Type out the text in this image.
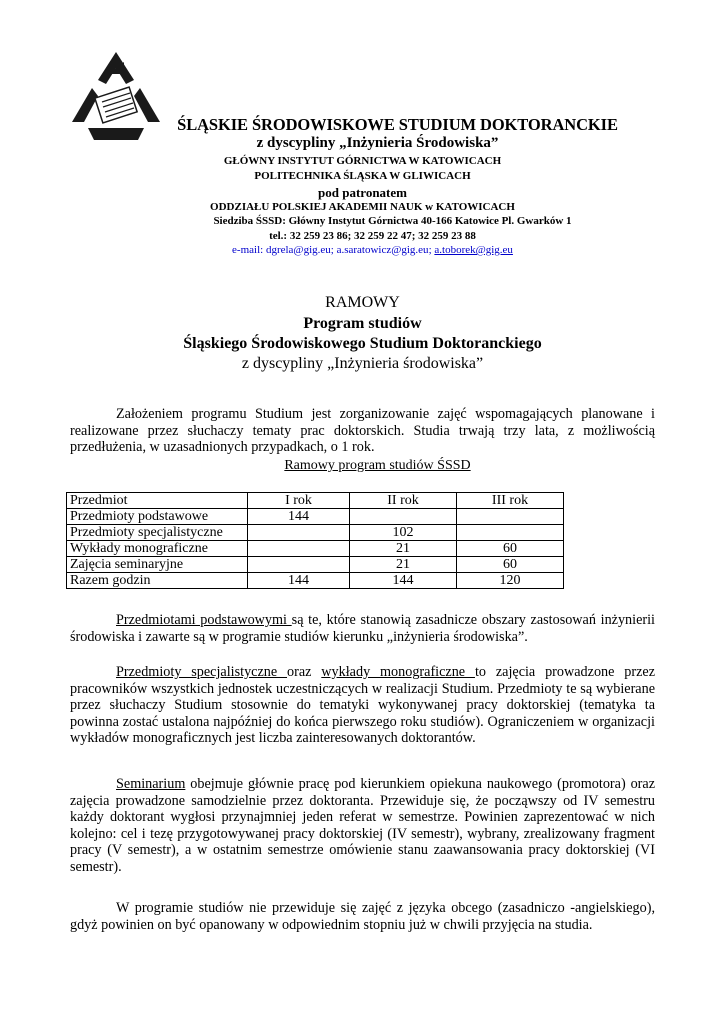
ŚLĄSKIE ŚRODOWISKOWE STUDIUM DOKTORANCKIE
z dyscypliny „Inżynieria Środowiska”
GŁÓWNY INSTYTUT GÓRNICTWA W KATOWICACH
POLITECHNIKA ŚLĄSKA W GLIWICACH
pod patronatem
ODDZIAŁU POLSKIEJ AKADEMII NAUK w KATOWICACH
Siedziba ŚSSD: Główny Instytut Górnictwa 40-166 Katowice Pl. Gwarków 1
tel.: 32 259 23 86; 32 259 22 47; 32 259 23 88
e-mail: dgrela@gig.eu; a.saratowicz@gig.eu; a.toborek@gig.eu
RAMOWY
Program studiów
Śląskiego Środowiskowego Studium Doktoranckiego
z dyscypliny „Inżynieria środowiska”
Założeniem programu Studium jest zorganizowanie zajęć wspomagających planowane i realizowane przez słuchaczy tematy prac doktorskich. Studia trwają trzy lata, z możliwością przedłużenia, w uzasadnionych przypadkach, o 1 rok.
Ramowy program studiów ŚSSD
Przedmiot	I rok	II rok	III rok
Przedmioty podstawowe	144		
Przedmioty specjalistyczne		102	
Wykłady monograficzne		21	60
Zajęcia seminaryjne		21	60
Razem godzin	144	144	120
Przedmiotami podstawowymi są te, które stanowią zasadnicze obszary zastosowań inżynierii środowiska i zawarte są w programie studiów kierunku „inżynieria środowiska”.
Przedmioty specjalistyczne oraz wykłady monograficzne to zajęcia prowadzone przez pracowników wszystkich jednostek uczestniczących w realizacji Studium. Przedmioty te są wybierane przez słuchaczy Studium stosownie do tematyki wykonywanej pracy doktorskiej (tematyka ta powinna zostać ustalona najpóźniej do końca pierwszego roku studiów). Ograniczeniem w organizacji wykładów monograficznych jest liczba zainteresowanych doktorantów.
Seminarium obejmuje głównie pracę pod kierunkiem opiekuna naukowego (promotora) oraz zajęcia prowadzone samodzielnie przez doktoranta. Przewiduje się, że począwszy od IV semestru każdy doktorant wygłosi przynajmniej jeden referat w semestrze. Powinien zaprezentować w nich kolejno: cel i tezę przygotowywanej pracy doktorskiej (IV semestr), wybrany, zrealizowany fragment pracy (V semestr), a w ostatnim semestrze omówienie stanu zaawansowania pracy doktorskiej (VI semestr).
W programie studiów nie przewiduje się zajęć z języka obcego (zasadniczo -angielskiego), gdyż powinien on być opanowany w odpowiednim stopniu już w chwili przyjęcia na studia.
